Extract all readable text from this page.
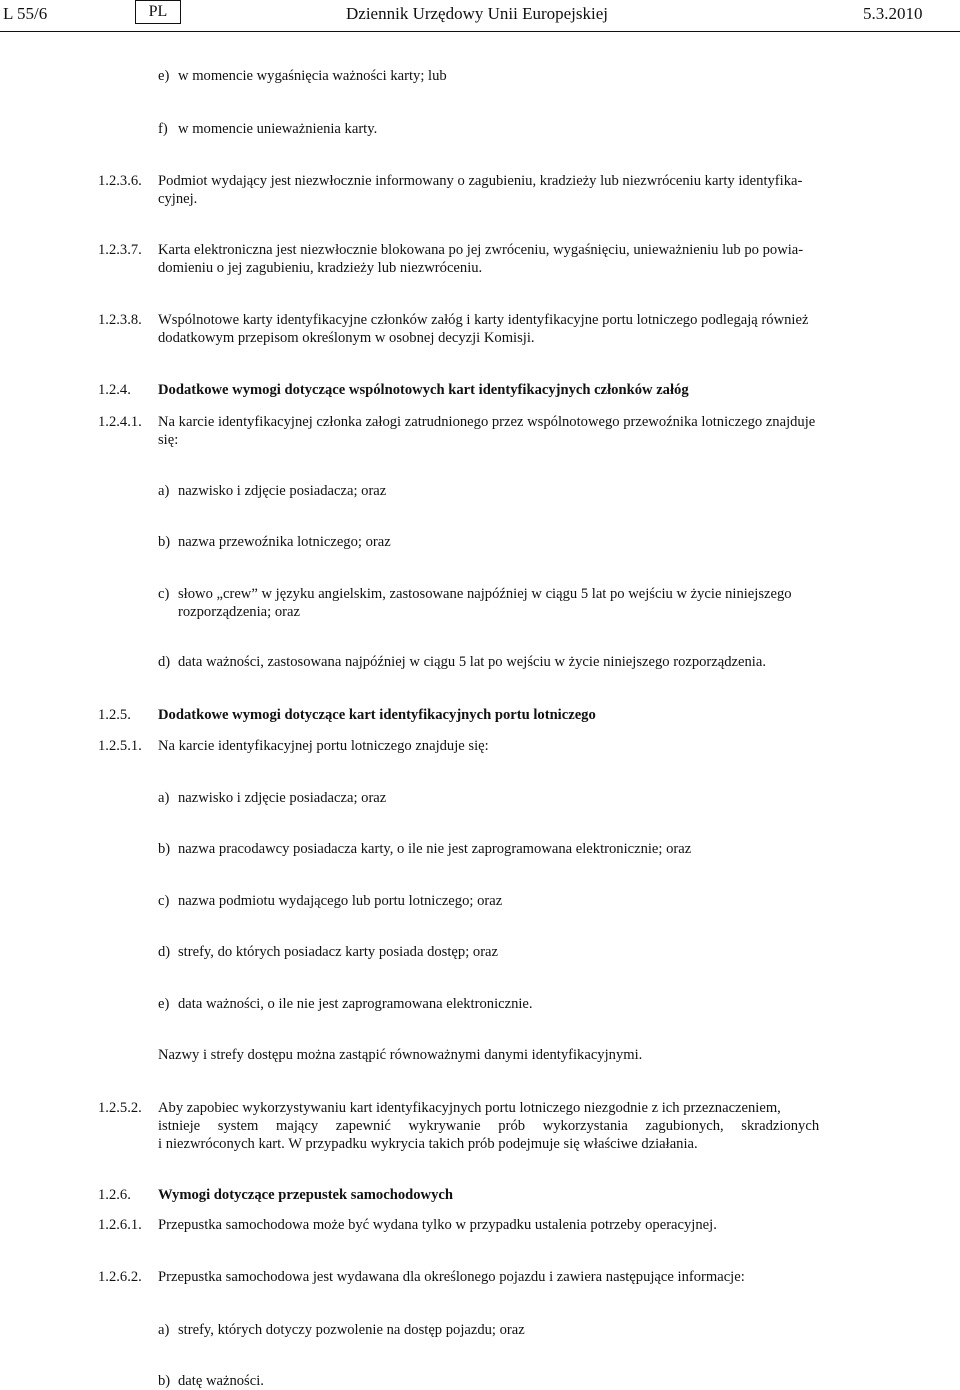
L 55/6	PL	Dziennik Urzędowy Unii Europejskiej	5.3.2010
e) w momencie wygaśnięcia ważności karty; lub
f) w momencie unieważnienia karty.
1.2.3.6. Podmiot wydający jest niezwłocznie informowany o zagubieniu, kradzieży lub niezwróceniu karty identyfika-
cyjnej.
1.2.3.7. Karta elektroniczna jest niezwłocznie blokowana po jej zwróceniu, wygaśnięciu, unieważnieniu lub po powia-
domieniu o jej zagubieniu, kradzieży lub niezwróceniu.
1.2.3.8. Wspólnotowe karty identyfikacyjne członków załóg i karty identyfikacyjne portu lotniczego podlegają również
dodatkowym przepisom określonym w osobnej decyzji Komisji.
1.2.4. Dodatkowe wymogi dotyczące wspólnotowych kart identyfikacyjnych członków załóg
1.2.4.1. Na karcie identyfikacyjnej członka załogi zatrudnionego przez wspólnotowego przewoźnika lotniczego znajduje
się:
a) nazwisko i zdjęcie posiadacza; oraz
b) nazwa przewoźnika lotniczego; oraz
c) słowo „crew” w języku angielskim, zastosowane najpóźniej w ciągu 5 lat po wejściu w życie niniejszego
rozporządzenia; oraz
d) data ważności, zastosowana najpóźniej w ciągu 5 lat po wejściu w życie niniejszego rozporządzenia.
1.2.5. Dodatkowe wymogi dotyczące kart identyfikacyjnych portu lotniczego
1.2.5.1. Na karcie identyfikacyjnej portu lotniczego znajduje się:
a) nazwisko i zdjęcie posiadacza; oraz
b) nazwa pracodawcy posiadacza karty, o ile nie jest zaprogramowana elektronicznie; oraz
c) nazwa podmiotu wydającego lub portu lotniczego; oraz
d) strefy, do których posiadacz karty posiada dostęp; oraz
e) data ważności, o ile nie jest zaprogramowana elektronicznie.
Nazwy i strefy dostępu można zastąpić równoważnymi danymi identyfikacyjnymi.
1.2.5.2. Aby zapobiec wykorzystywaniu kart identyfikacyjnych portu lotniczego niezgodnie z ich przeznaczeniem,
istnieje system mający zapewnić wykrywanie prób wykorzystania zagubionych, skradzionych
i niezwróconych kart. W przypadku wykrycia takich prób podejmuje się właściwe działania.
1.2.6. Wymogi dotyczące przepustek samochodowych
1.2.6.1. Przepustka samochodowa może być wydana tylko w przypadku ustalenia potrzeby operacyjnej.
1.2.6.2. Przepustka samochodowa jest wydawana dla określonego pojazdu i zawiera następujące informacje:
a) strefy, których dotyczy pozwolenie na dostęp pojazdu; oraz
b) datę ważności.
